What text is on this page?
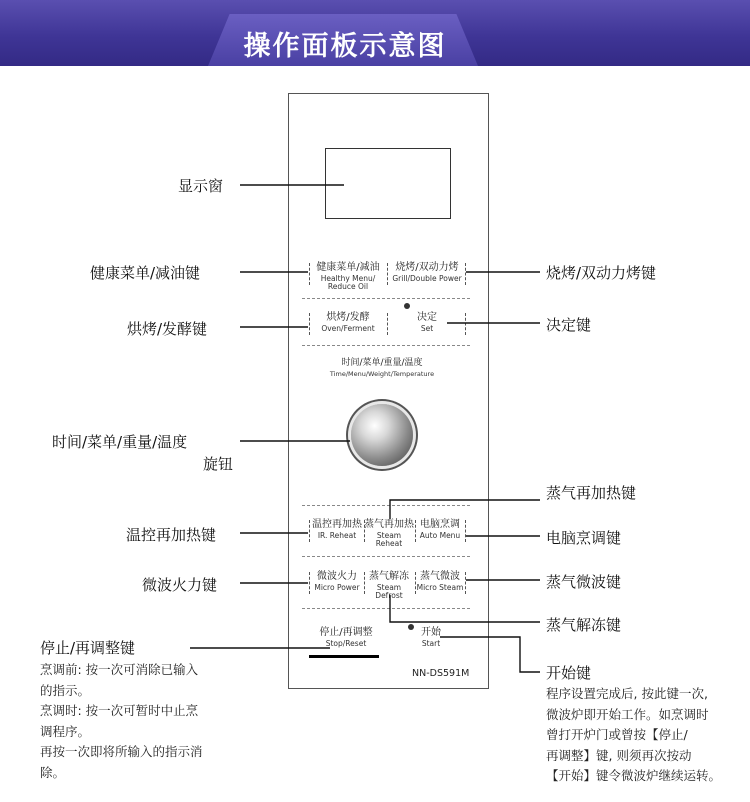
操作面板示意图
健康菜单/减油
Healthy Menu/
Reduce Oil
烧烤/双动力烤
Grill/Double Power
烘烤/发酵
Oven/Ferment
决定
Set
时间/菜单/重量/温度
Time/Menu/Weight/Temperature
温控再加热
IR. Reheat
蒸气再加热
Steam Reheat
电脑烹调
Auto Menu
微波火力
Micro Power
蒸气解冻
Steam Defrost
蒸气微波
Micro Steam
停止/再调整
Stop/Reset
开始
Start
NN-DS591M
显示窗
健康菜单/减油键
烘烤/发酵键
时间/菜单/重量/温度
旋钮
温控再加热键
微波火力键
停止/再调整键
烹调前: 按一次可消除已输入
的指示。
烹调时: 按一次可暂时中止烹
调程序。
再按一次即将所输入的指示消
除。
烧烤/双动力烤键
决定键
蒸气再加热键
电脑烹调键
蒸气微波键
蒸气解冻键
开始键
程序设置完成后, 按此键一次,
微波炉即开始工作。如烹调时
曾打开炉门或曾按【停止/
再调整】键, 则须再次按动
【开始】键令微波炉继续运转。
